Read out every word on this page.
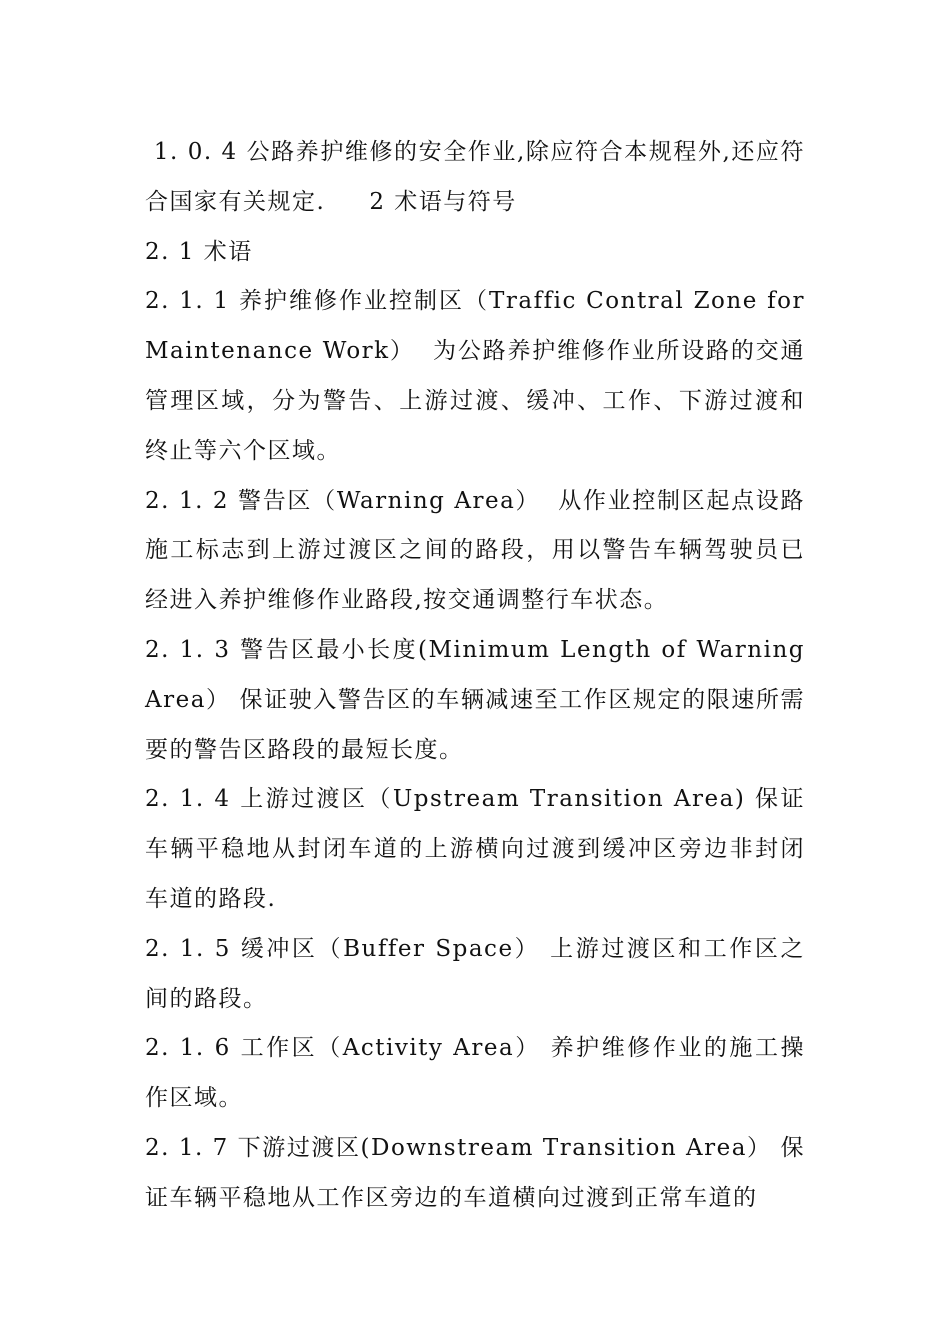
1. 0. 4 公路养护维修的安全作业,除应符合本规程外,还应符合国家有关规定.     2 术语与符号

2. 1 术语

2. 1. 1 养护维修作业控制区（Traffic Contral Zone for Maintenance Work）  为公路养护维修作业所设路的交通管理区域，分为警告、上游过渡、缓冲、工作、下游过渡和终止等六个区域。

2. 1. 2 警告区（Warning Area）  从作业控制区起点设路施工标志到上游过渡区之间的路段，用以警告车辆驾驶员已经进入养护维修作业路段,按交通调整行车状态。

2. 1. 3 警告区最小长度(Minimum Length of Warning Area） 保证驶入警告区的车辆减速至工作区规定的限速所需要的警告区路段的最短长度。

2. 1. 4 上游过渡区（Upstream Transition Area) 保证车辆平稳地从封闭车道的上游横向过渡到缓冲区旁边非封闭车道的路段.

2. 1. 5 缓冲区（Buffer Space） 上游过渡区和工作区之间的路段。

2. 1. 6 工作区（Activity Area） 养护维修作业的施工操作区域。

2. 1. 7 下游过渡区(Downstream Transition Area） 保证车辆平稳地从工作区旁边的车道横向过渡到正常车道的
